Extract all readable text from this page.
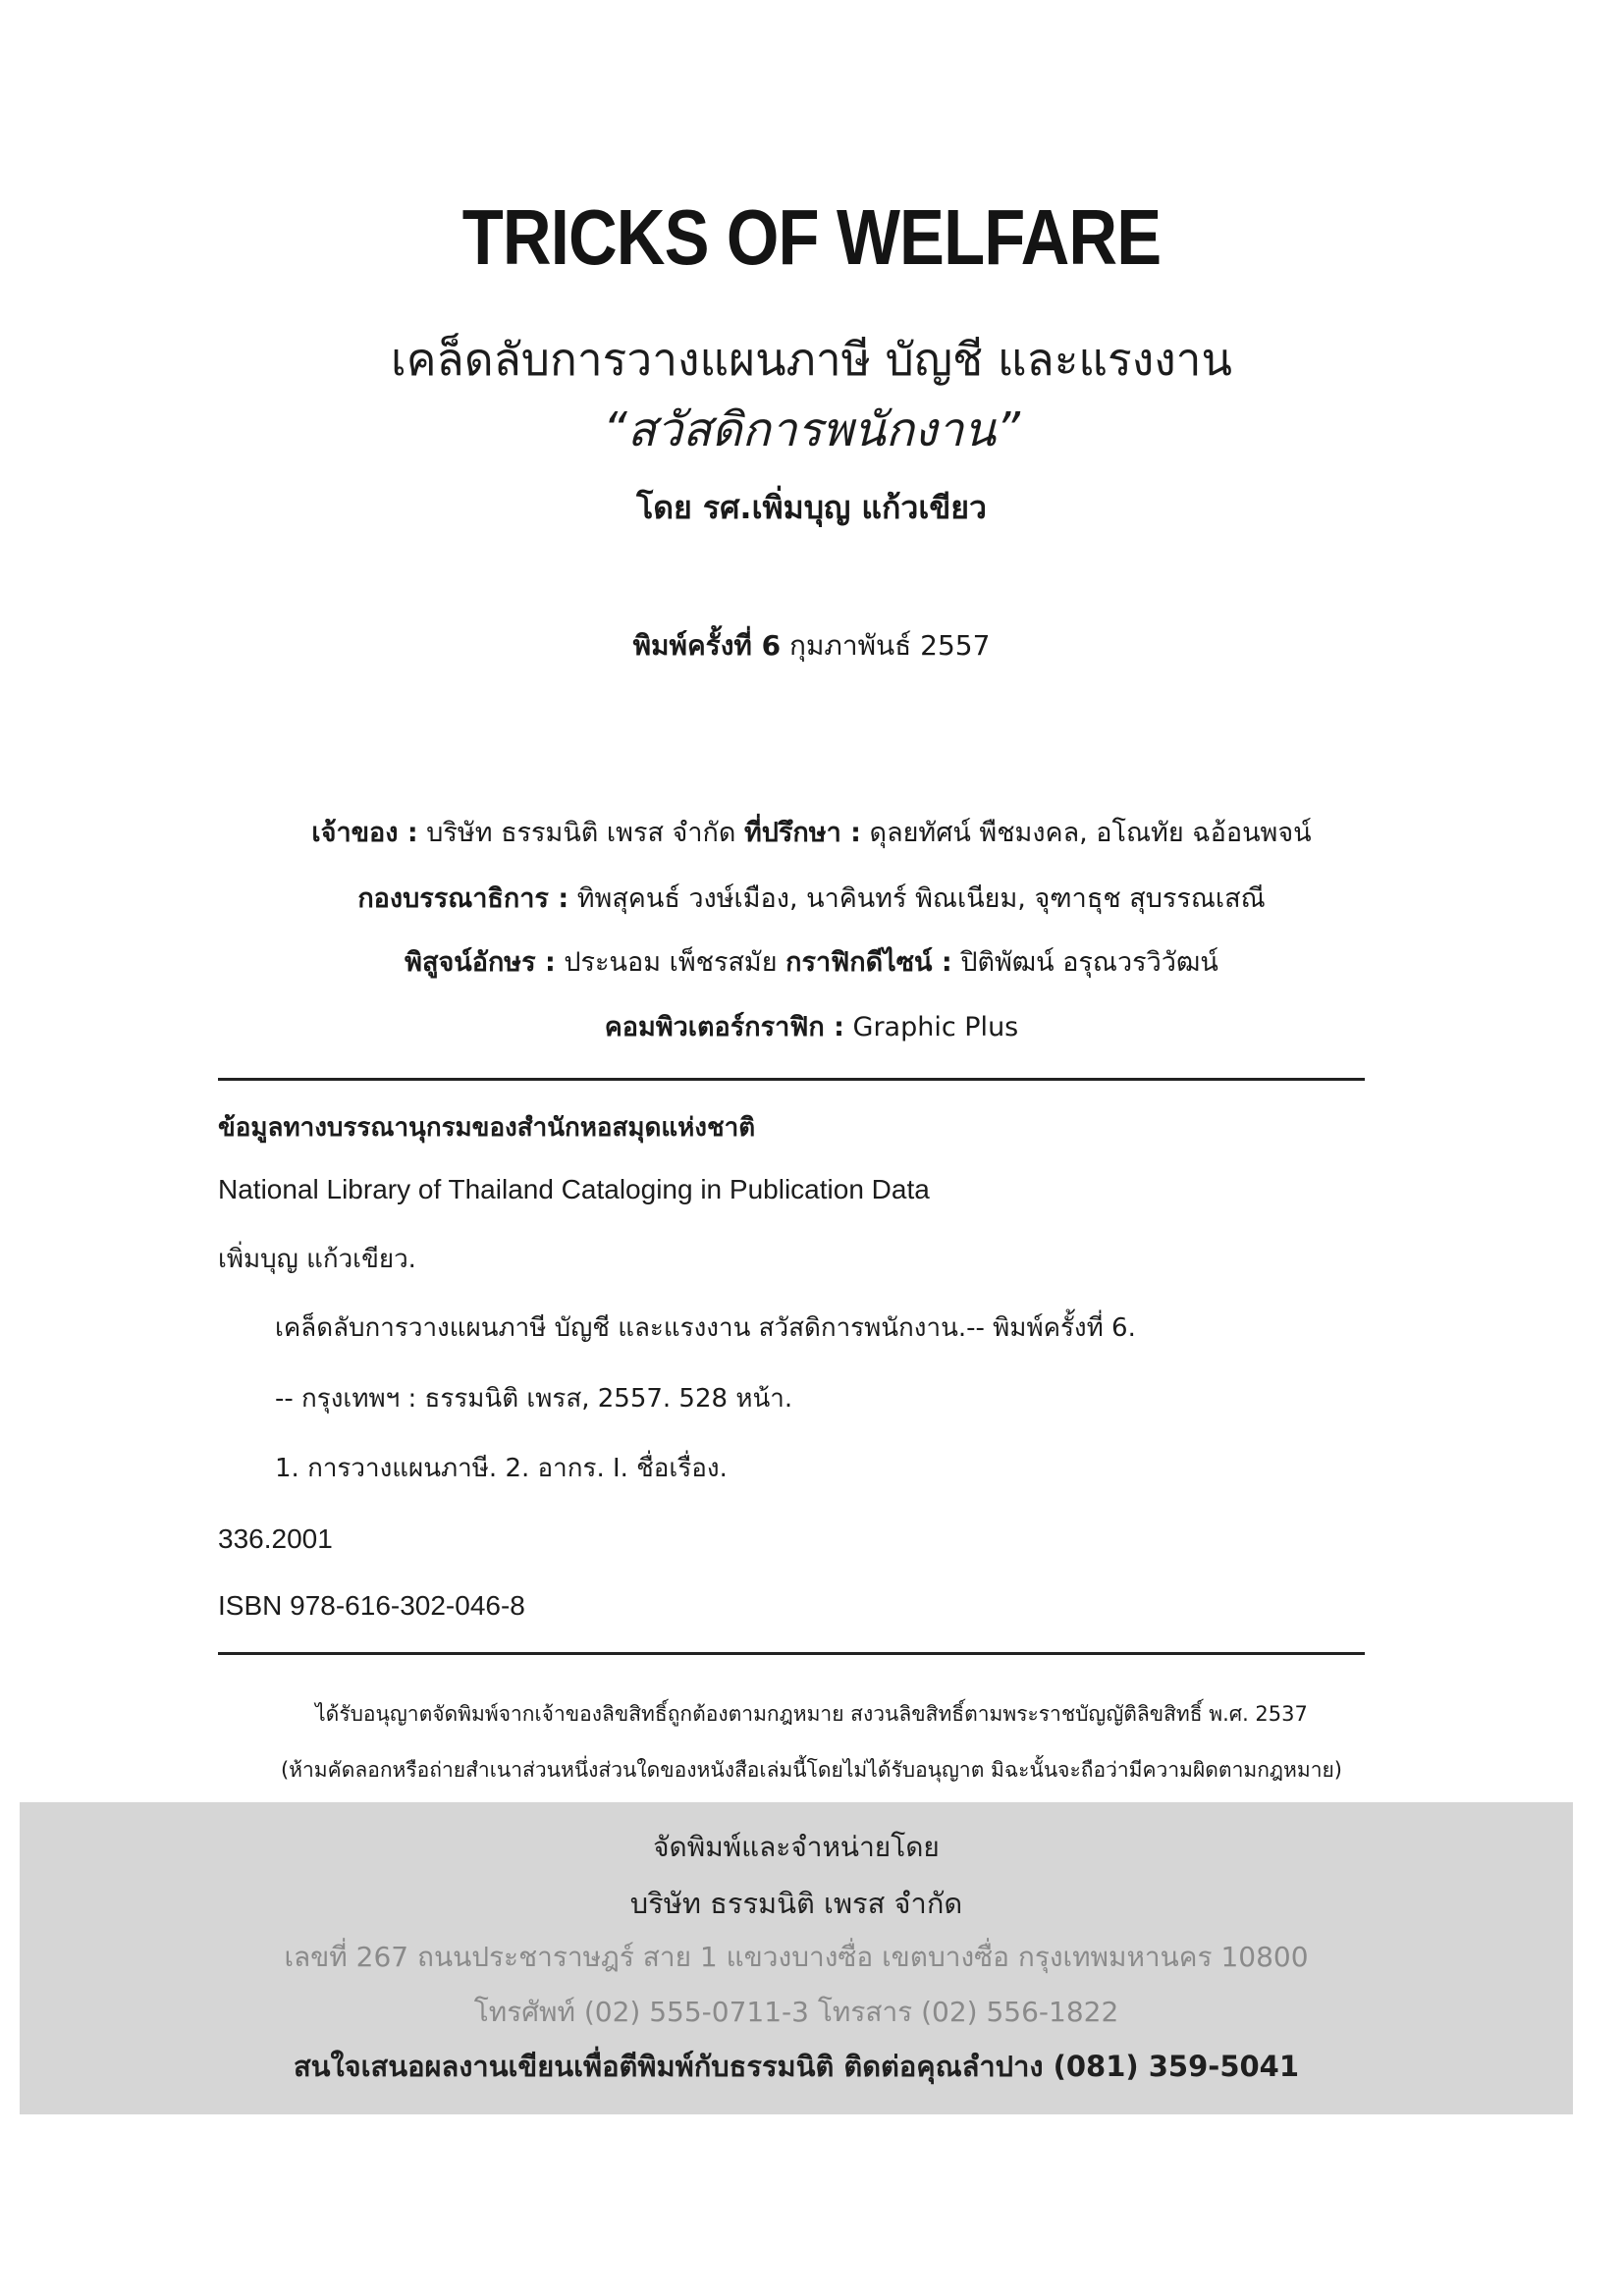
TRICKS OF WELFARE
เคล็ดลับการวางแผนภาษี บัญชี และแรงงาน
“สวัสดิการพนักงาน”
โดย รศ.เพิ่มบุญ แก้วเขียว
พิมพ์ครั้งที่ 6 กุมภาพันธ์ 2557
เจ้าของ : บริษัท ธรรมนิติ เพรส จำกัด ที่ปรึกษา : ดุลยทัศน์ พืชมงคล, อโณทัย ฉอ้อนพจน์
กองบรรณาธิการ : ทิพสุคนธ์ วงษ์เมือง, นาคินทร์ พิณเนียม, จุฑาธุช สุบรรณเสณี
พิสูจน์อักษร : ประนอม เพ็ชรสมัย กราฟิกดีไซน์ : ปิติพัฒน์ อรุณวรวิวัฒน์
คอมพิวเตอร์กราฟิก : Graphic Plus
ข้อมูลทางบรรณานุกรมของสำนักหอสมุดแห่งชาติ
National Library of Thailand Cataloging in Publication Data
เพิ่มบุญ แก้วเขียว.
เคล็ดลับการวางแผนภาษี บัญชี และแรงงาน สวัสดิการพนักงาน.-- พิมพ์ครั้งที่ 6.
-- กรุงเทพฯ : ธรรมนิติ เพรส, 2557. 528 หน้า.
1. การวางแผนภาษี. 2. อากร. I. ชื่อเรื่อง.
336.2001
ISBN 978-616-302-046-8
ได้รับอนุญาตจัดพิมพ์จากเจ้าของลิขสิทธิ์ถูกต้องตามกฎหมาย สงวนลิขสิทธิ์ตามพระราชบัญญัติลิขสิทธิ์ พ.ศ. 2537
(ห้ามคัดลอกหรือถ่ายสำเนาส่วนหนึ่งส่วนใดของหนังสือเล่มนี้โดยไม่ได้รับอนุญาต มิฉะนั้นจะถือว่ามีความผิดตามกฎหมาย)
จัดพิมพ์และจำหน่ายโดย
บริษัท ธรรมนิติ เพรส จำกัด
เลขที่ 267 ถนนประชาราษฎร์ สาย 1 แขวงบางซื่อ เขตบางซื่อ กรุงเทพมหานคร 10800
โทรศัพท์ (02) 555-0711-3 โทรสาร (02) 556-1822
สนใจเสนอผลงานเขียนเพื่อตีพิมพ์กับธรรมนิติ ติดต่อคุณลำปาง (081) 359-5041
